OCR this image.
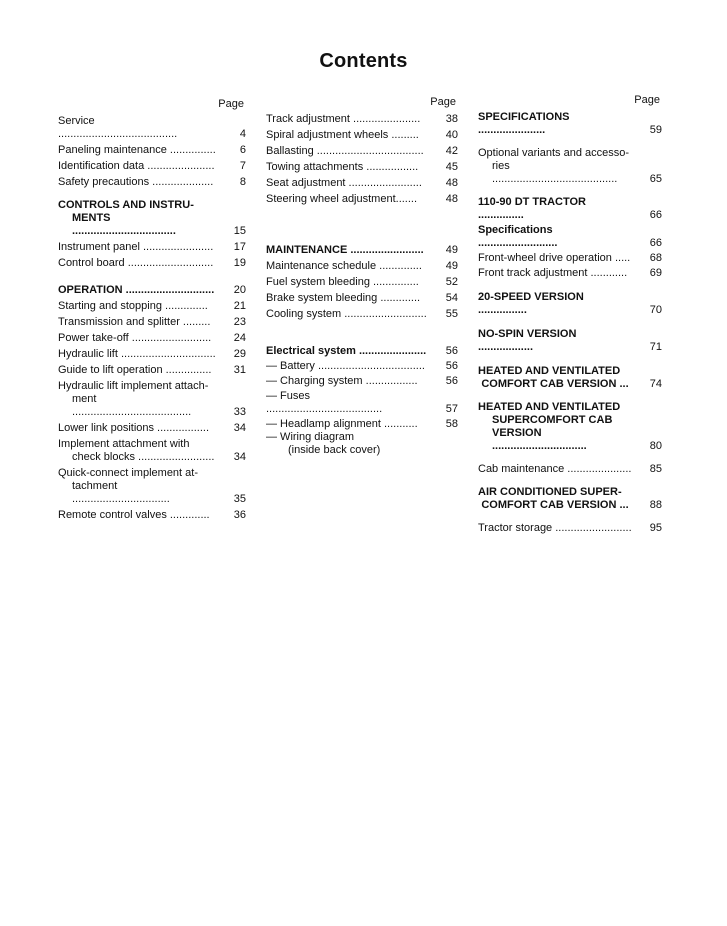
Contents
Page
Service .......................................	4
Paneling maintenance ...............	6
Identification data ......................	7
Safety precautions ....................	8
CONTROLS AND INSTRU-
MENTS ..................................	15
Instrument panel .......................	17
Control board ............................	19
OPERATION .............................	20
Starting and stopping ..............	21
Transmission and splitter .........	23
Power take-off ..........................	24
Hydraulic lift ...............................	29
Guide to lift operation ...............	31
Hydraulic lift implement attach-
ment .......................................	33
Lower link positions .................	34
Implement attachment with
check blocks .........................	34
Quick-connect implement at-
tachment ................................	35
Remote control valves .............	36
Page
Track adjustment ......................	38
Spiral adjustment wheels .........	40
Ballasting ...................................	42
Towing attachments .................	45
Seat adjustment ........................	48
Steering wheel adjustment.......	48
MAINTENANCE ........................	49
Maintenance schedule ..............	49
Fuel system bleeding ...............	52
Brake system bleeding .............	54
Cooling system ...........................	55
Electrical system ......................	56
— Battery ...................................	56
— Charging system .................	56
— Fuses ......................................	57
— Headlamp alignment ...........	58
— Wiring diagram
(inside back cover)
Page
SPECIFICATIONS ......................	59
Optional variants and accesso-
ries .........................................	65
110-90 DT TRACTOR ...............	66
Specifications ..........................	66
Front-wheel drive operation .....	68
Front track adjustment ............	69
20-SPEED VERSION ................	70
NO-SPIN VERSION ..................	71
HEATED AND VENTILATED
COMFORT CAB VERSION ...	74
HEATED AND VENTILATED
SUPERCOMFORT CAB
VERSION ...............................	80
Cab maintenance .....................	85
AIR CONDITIONED SUPER-
COMFORT CAB VERSION ...	88
Tractor storage .........................	95
